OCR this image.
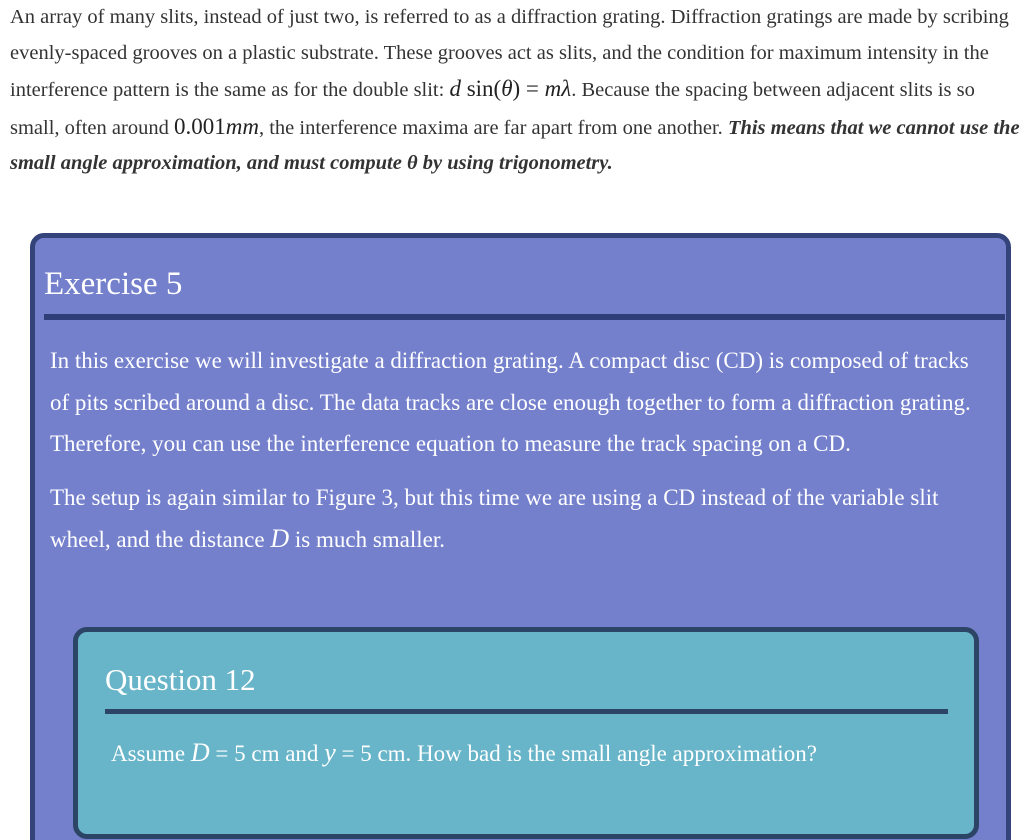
An array of many slits, instead of just two, is referred to as a diffraction grating. Diffraction gratings are made by scribing evenly-spaced grooves on a plastic substrate. These grooves act as slits, and the condition for maximum intensity in the interference pattern is the same as for the double slit: d sin(θ) = mλ. Because the spacing between adjacent slits is so small, often around 0.001mm, the interference maxima are far apart from one another. This means that we cannot use the small angle approximation, and must compute θ by using trigonometry.

Exercise 5

In this exercise we will investigate a diffraction grating. A compact disc (CD) is composed of tracks of pits scribed around a disc. The data tracks are close enough together to form a diffraction grating. Therefore, you can use the interference equation to measure the track spacing on a CD.

The setup is again similar to Figure 3, but this time we are using a CD instead of the variable slit wheel, and the distance D is much smaller.

Question 12
Assume D = 5 cm and y = 5 cm. How bad is the small angle approximation?
